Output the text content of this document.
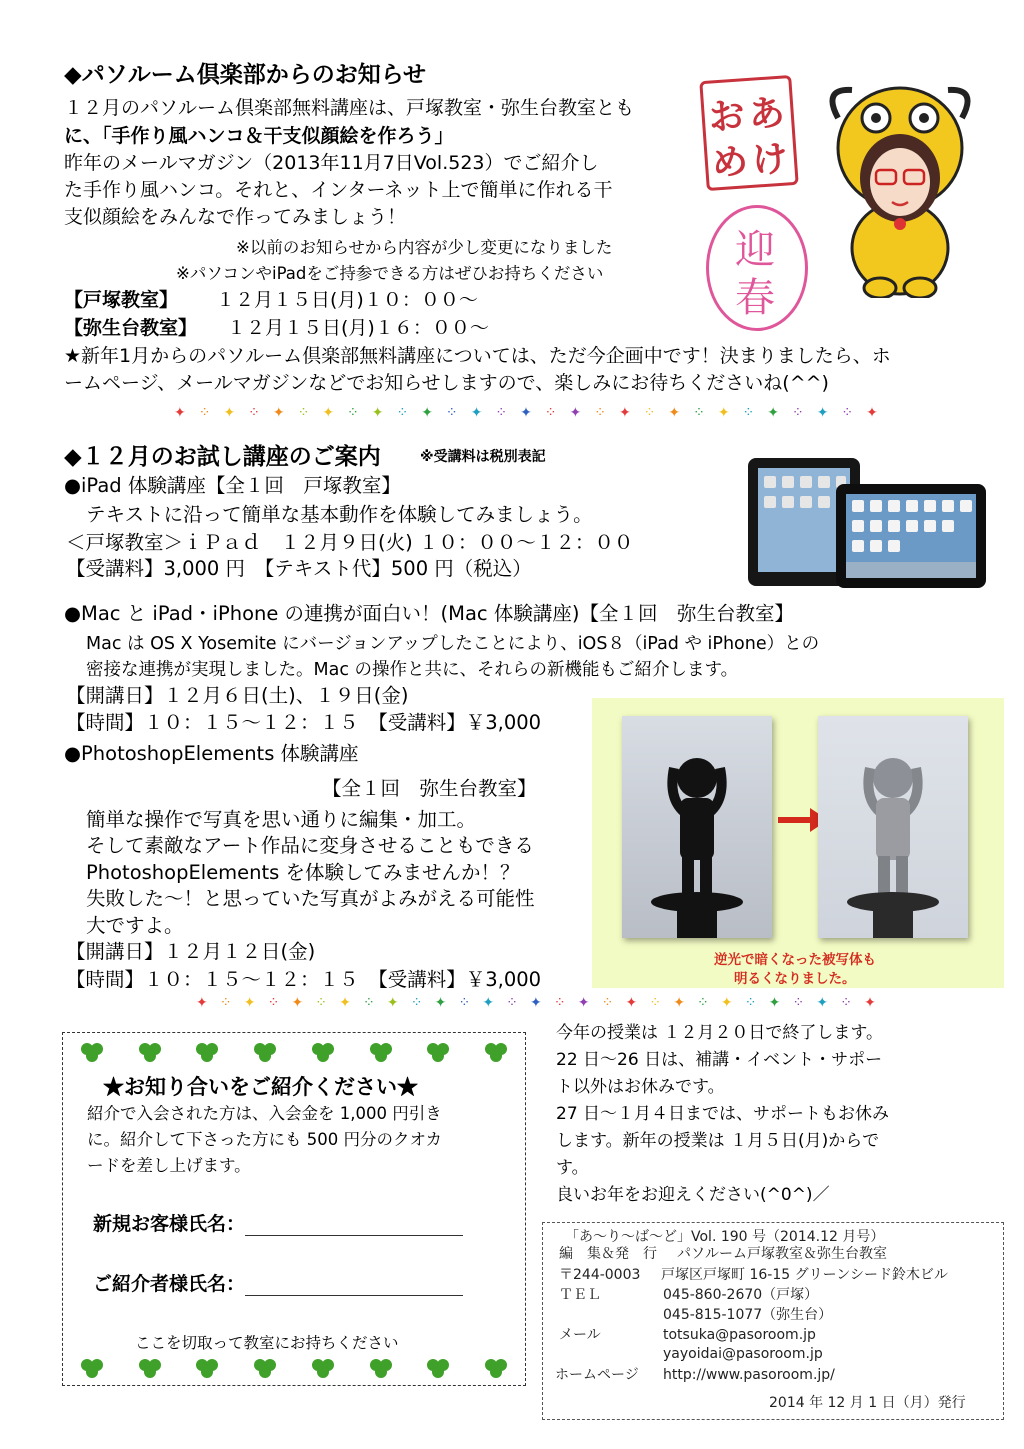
◆パソルーム倶楽部からのお知らせ
１２月のパソルーム倶楽部無料講座は、戸塚教室・弥生台教室とも
に、「手作り風ハンコ＆干支似顔絵を作ろう」
昨年のメールマガジン（2013年11月7日Vol.523）でご紹介し
た手作り風ハンコ。それと、インターネット上で簡単に作れる干
支似顔絵をみんなで作ってみましょう！
※以前のお知らせから内容が少し変更になりました
※パソコンやiPadをご持参できる方はぜひお持ちください
【戸塚教室】 １２月１５日(月)１０：００～
【弥生台教室】 １２月１５日(月)１６：００～
★新年1月からのパソルーム倶楽部無料講座については、ただ今企画中です！決まりましたら、ホ
ームページ、メールマガジンなどでお知らせしますので、楽しみにお待ちくださいね(^^)
あ
け
お
め
迎
春
✦ ⁘ ✦ ⁘ ✦ ⁘ ✦ ⁘ ✦ ⁘ ✦ ⁘ ✦ ⁘ ✦ ⁘ ✦ ⁘ ✦ ⁘ ✦ ⁘ ✦ ⁘ ✦ ⁘ ✦ ⁘ ✦
◆１２月のお試し講座のご案内	※受講料は税別表記
●iPad 体験講座【全１回　戸塚教室】
テキストに沿って簡単な基本動作を体験してみましょう。
＜戸塚教室＞ｉＰａｄ　１２月９日(火) １０：００～１２：００
【受講料】3,000 円　【テキスト代】500 円（税込）
●Mac と iPad・iPhone の連携が面白い！(Mac 体験講座)【全１回　弥生台教室】
Mac は OS X Yosemite にバージョンアップしたことにより、iOS８（iPad や iPhone）との
密接な連携が実現しました。Mac の操作と共に、それらの新機能もご紹介します。
【開講日】１２月６日(土)、１９日(金)
【時間】１０：１５～１２：１５　【受講料】￥3,000
●PhotoshopElements 体験講座
【全１回　弥生台教室】
簡単な操作で写真を思い通りに編集・加工。
そして素敵なアート作品に変身させることもできる
PhotoshopElements を体験してみませんか！？
失敗した～！と思っていた写真がよみがえる可能性
大ですよ。
【開講日】１２月１２日(金)
【時間】１０：１５～１２：１５　【受講料】￥3,000
逆光で暗くなった被写体も
明るくなりました。
✦ ⁘ ✦ ⁘ ✦ ⁘ ✦ ⁘ ✦ ⁘ ✦ ⁘ ✦ ⁘ ✦ ⁘ ✦ ⁘ ✦ ⁘ ✦ ⁘ ✦ ⁘ ✦ ⁘ ✦ ⁘ ✦
★お知り合いをご紹介ください★
紹介で入会された方は、入会金を 1,000 円引き
に。紹介して下さった方にも 500 円分のクオカ
ードを差し上げます。
新規お客様氏名：
ご紹介者様氏名：
ここを切取って教室にお持ちください
今年の授業は １２月２０日で終了します。
22 日～26 日は、補講・イベント・サポー
ト以外はお休みです。
27 日～１月４日までは、サポートもお休み
します。新年の授業は １月５日(月)からで
す。
良いお年をお迎えください(^0^)／
「あ～り～ば～ど」Vol. 190 号（2014.12 月号）
編　集＆発　行 パソルーム戸塚教室＆弥生台教室
〒244-0003 戸塚区戸塚町 16-15 グリーンシード鈴木ビル
ＴＥＬ	045-860-2670（戸塚）
045-815-1077（弥生台）
メール	totsuka@pasoroom.jp
yayoidai@pasoroom.jp
ホームページ http://www.pasoroom.jp/
2014 年 12 月 1 日（月）発行
